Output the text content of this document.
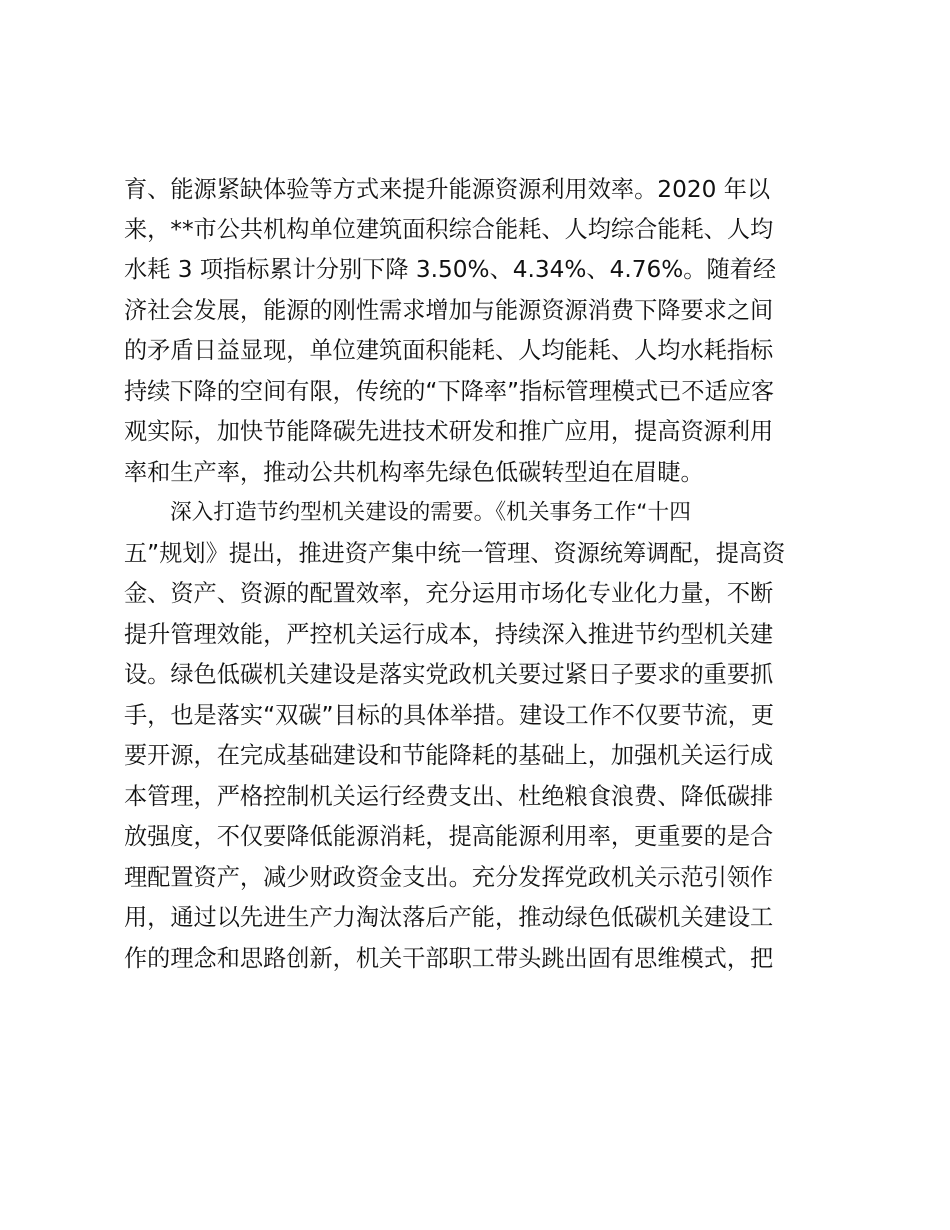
育、能源紧缺体验等方式来提升能源资源利用效率。2020 年以
来，**市公共机构单位建筑面积综合能耗、人均综合能耗、人均
水耗 3 项指标累计分别下降 3.50%、4.34%、4.76%。随着经
济社会发展，能源的刚性需求增加与能源资源消费下降要求之间
的矛盾日益显现，单位建筑面积能耗、人均能耗、人均水耗指标
持续下降的空间有限，传统的“下降率”指标管理模式已不适应客
观实际，加快节能降碳先进技术研发和推广应用，提高资源利用
率和生产率，推动公共机构率先绿色低碳转型迫在眉睫。
深入打造节约型机关建设的需要。《机关事务工作“十四
五”规划》提出，推进资产集中统一管理、资源统筹调配，提高资
金、资产、资源的配置效率，充分运用市场化专业化力量，不断
提升管理效能，严控机关运行成本，持续深入推进节约型机关建
设。绿色低碳机关建设是落实党政机关要过紧日子要求的重要抓
手，也是落实“双碳”目标的具体举措。建设工作不仅要节流，更
要开源，在完成基础建设和节能降耗的基础上，加强机关运行成
本管理，严格控制机关运行经费支出、杜绝粮食浪费、降低碳排
放强度，不仅要降低能源消耗，提高能源利用率，更重要的是合
理配置资产，减少财政资金支出。充分发挥党政机关示范引领作
用，通过以先进生产力淘汰落后产能，推动绿色低碳机关建设工
作的理念和思路创新，机关干部职工带头跳出固有思维模式，把
